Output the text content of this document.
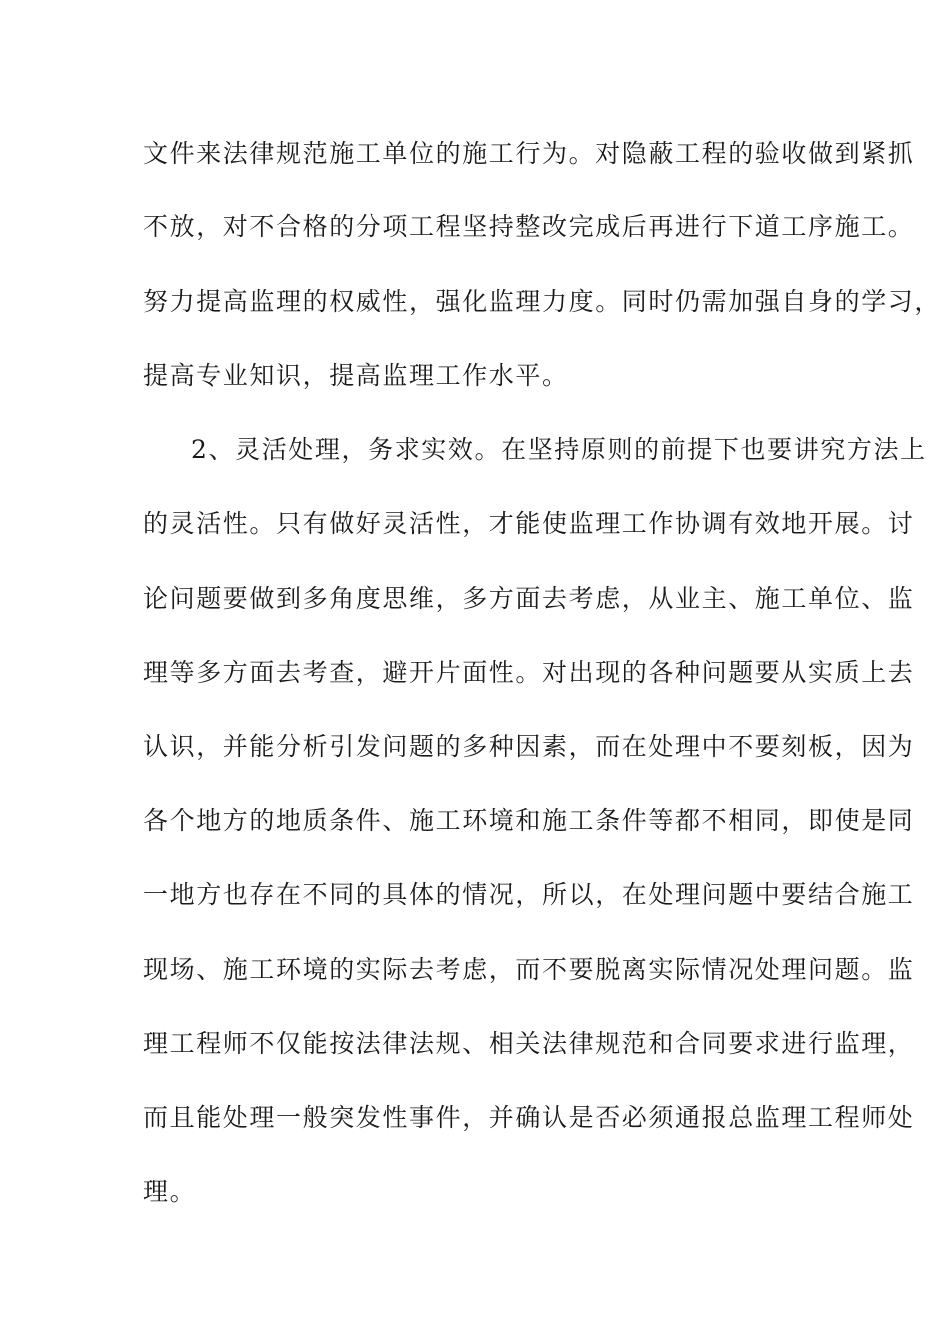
文件来法律规范施工单位的施工行为。对隐蔽工程的验收做到紧抓

不放，对不合格的分项工程坚持整改完成后再进行下道工序施工。

努力提高监理的权威性，强化监理力度。同时仍需加强自身的学习，

提高专业知识，提高监理工作水平。

2、灵活处理，务求实效。在坚持原则的前提下也要讲究方法上

的灵活性。只有做好灵活性，才能使监理工作协调有效地开展。讨

论问题要做到多角度思维，多方面去考虑，从业主、施工单位、监

理等多方面去考查，避开片面性。对出现的各种问题要从实质上去

认识，并能分析引发问题的多种因素，而在处理中不要刻板，因为

各个地方的地质条件、施工环境和施工条件等都不相同，即使是同

一地方也存在不同的具体的情况，所以，在处理问题中要结合施工

现场、施工环境的实际去考虑，而不要脱离实际情况处理问题。监

理工程师不仅能按法律法规、相关法律规范和合同要求进行监理，

而且能处理一般突发性事件，并确认是否必须通报总监理工程师处

理。
